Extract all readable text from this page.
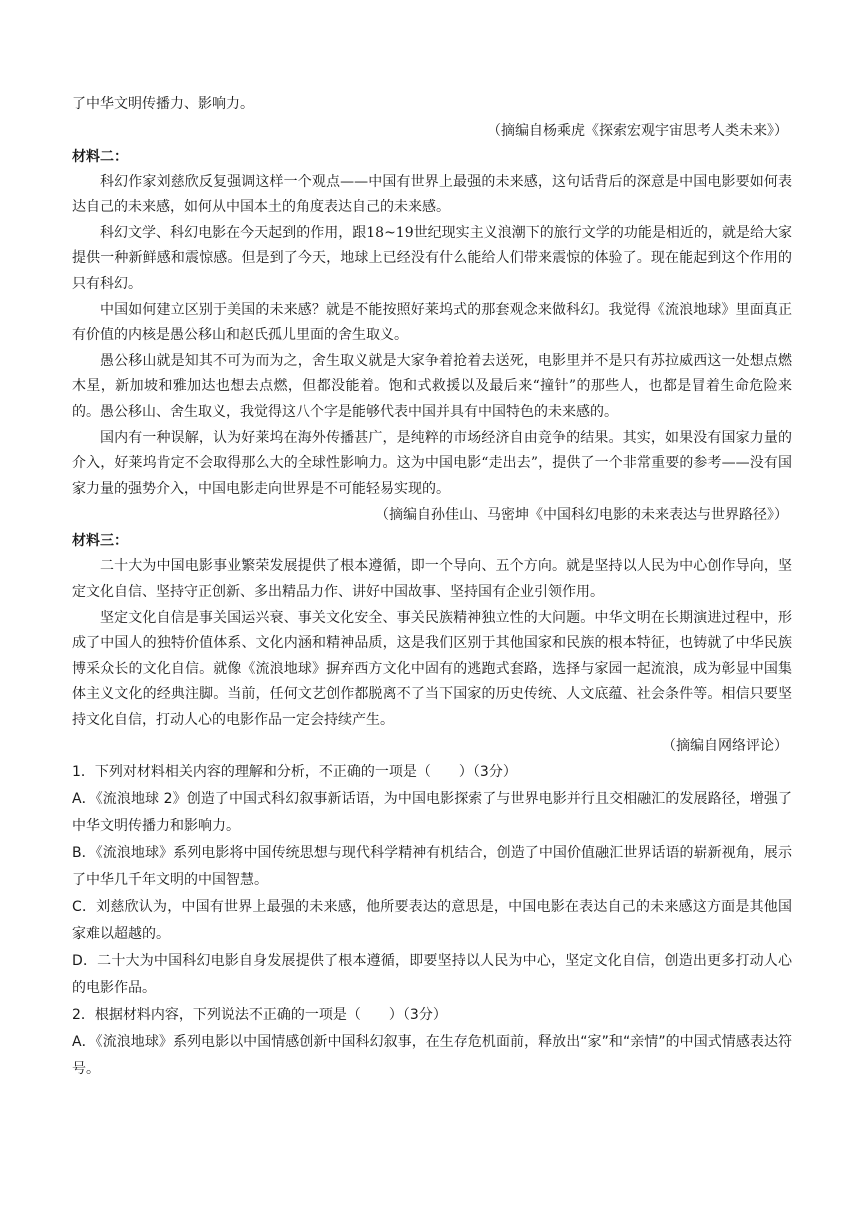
了中华文明传播力、影响力。

（摘编自杨乘虎《探索宏观宇宙思考人类未来》）

材料二：

科幻作家刘慈欣反复强调这样一个观点——中国有世界上最强的未来感，这句话背后的深意是中国电影要如何表达自己的未来感，如何从中国本土的角度表达自己的未来感。

科幻文学、科幻电影在今天起到的作用，跟18~19世纪现实主义浪潮下的旅行文学的功能是相近的，就是给大家提供一种新鲜感和震惊感。但是到了今天，地球上已经没有什么能给人们带来震惊的体验了。现在能起到这个作用的只有科幻。

中国如何建立区别于美国的未来感？就是不能按照好莱坞式的那套观念来做科幻。我觉得《流浪地球》里面真正有价值的内核是愚公移山和赵氏孤儿里面的舍生取义。

愚公移山就是知其不可为而为之，舍生取义就是大家争着抢着去送死，电影里并不是只有苏拉威西这一处想点燃木星，新加坡和雅加达也想去点燃，但都没能着。饱和式救援以及最后来“撞针”的那些人，也都是冒着生命危险来的。愚公移山、舍生取义，我觉得这八个字是能够代表中国并具有中国特色的未来感的。

国内有一种误解，认为好莱坞在海外传播甚广，是纯粹的市场经济自由竞争的结果。其实，如果没有国家力量的介入，好莱坞肯定不会取得那么大的全球性影响力。这为中国电影“走出去”，提供了一个非常重要的参考——没有国家力量的强势介入，中国电影走向世界是不可能轻易实现的。

（摘编自孙佳山、马密坤《中国科幻电影的未来表达与世界路径》）

材料三：

二十大为中国电影事业繁荣发展提供了根本遵循，即一个导向、五个方向。就是坚持以人民为中心创作导向，坚定文化自信、坚持守正创新、多出精品力作、讲好中国故事、坚持国有企业引领作用。

坚定文化自信是事关国运兴衰、事关文化安全、事关民族精神独立性的大问题。中华文明在长期演进过程中，形成了中国人的独特价值体系、文化内涵和精神品质，这是我们区别于其他国家和民族的根本特征，也铸就了中华民族博采众长的文化自信。就像《流浪地球》摒弃西方文化中固有的逃跑式套路，选择与家园一起流浪，成为彰显中国集体主义文化的经典注脚。当前，任何文艺创作都脱离不了当下国家的历史传统、人文底蕴、社会条件等。相信只要坚持文化自信，打动人心的电影作品一定会持续产生。

（摘编自网络评论）

1．下列对材料相关内容的理解和分析，不正确的一项是（　　）（3分）

A．《流浪地球 2》创造了中国式科幻叙事新话语，为中国电影探索了与世界电影并行且交相融汇的发展路径，增强了中华文明传播力和影响力。

B．《流浪地球》系列电影将中国传统思想与现代科学精神有机结合，创造了中国价值融汇世界话语的崭新视角，展示了中华几千年文明的中国智慧。

C．刘慈欣认为，中国有世界上最强的未来感，他所要表达的意思是，中国电影在表达自己的未来感这方面是其他国家难以超越的。

D．二十大为中国科幻电影自身发展提供了根本遵循，即要坚持以人民为中心，坚定文化自信，创造出更多打动人心的电影作品。

2．根据材料内容，下列说法不正确的一项是（　　）（3分）

A．《流浪地球》系列电影以中国情感创新中国科幻叙事，在生存危机面前，释放出“家”和“亲情”的中国式情感表达符号。
